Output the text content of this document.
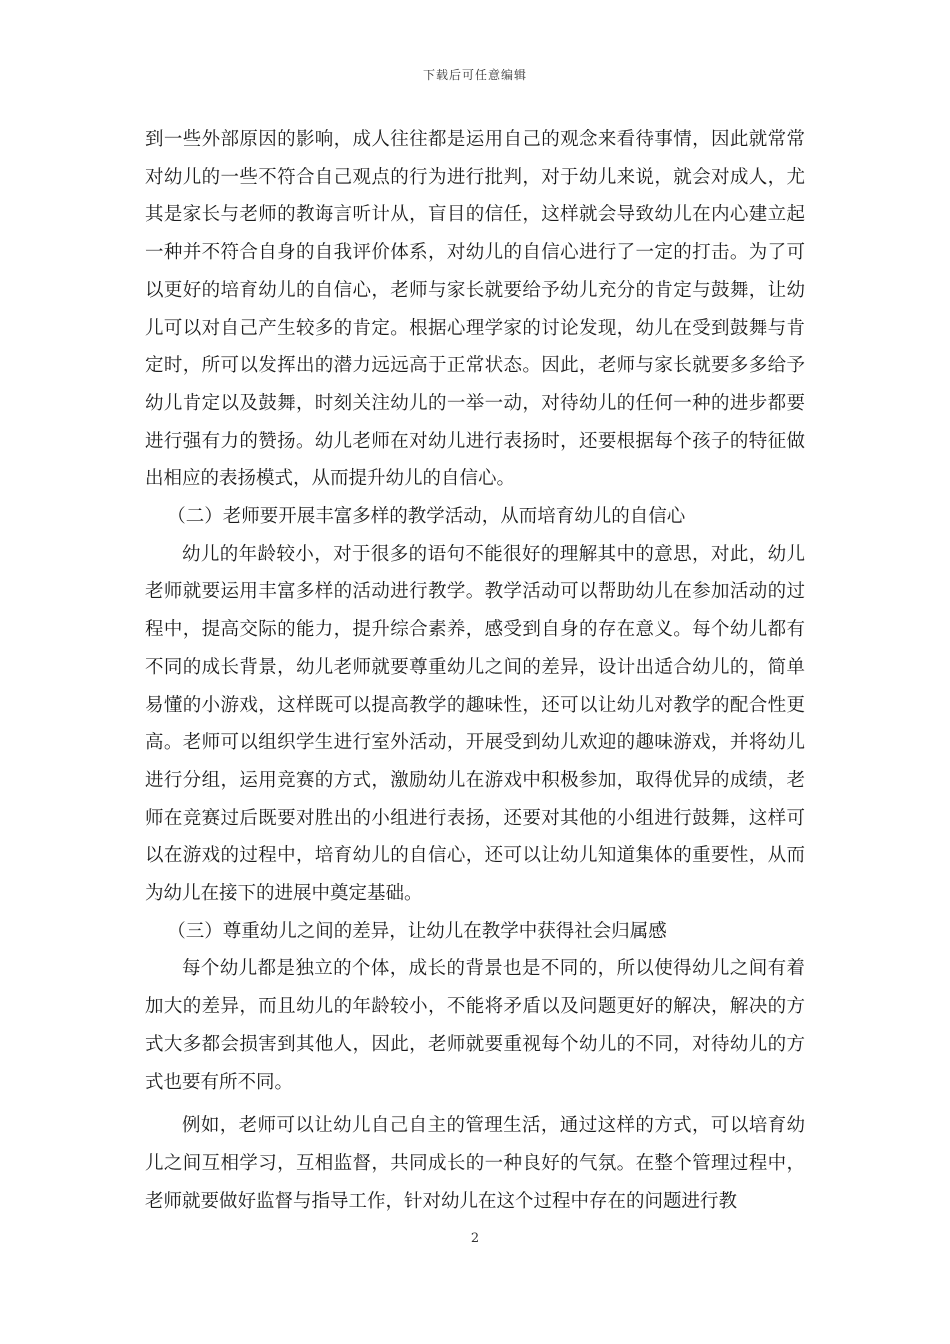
下载后可任意编辑

到一些外部原因的影响，成人往往都是运用自己的观念来看待事情，因此就常常对幼儿的一些不符合自己观点的行为进行批判，对于幼儿来说，就会对成人，尤其是家长与老师的教诲言听计从，盲目的信任，这样就会导致幼儿在内心建立起一种并不符合自身的自我评价体系，对幼儿的自信心进行了一定的打击。为了可以更好的培育幼儿的自信心，老师与家长就要给予幼儿充分的肯定与鼓舞，让幼儿可以对自己产生较多的肯定。根据心理学家的讨论发现，幼儿在受到鼓舞与肯定时，所可以发挥出的潜力远远高于正常状态。因此，老师与家长就要多多给予幼儿肯定以及鼓舞，时刻关注幼儿的一举一动，对待幼儿的任何一种的进步都要进行强有力的赞扬。幼儿老师在对幼儿进行表扬时，还要根据每个孩子的特征做出相应的表扬模式，从而提升幼儿的自信心。

（二）老师要开展丰富多样的教学活动，从而培育幼儿的自信心

幼儿的年龄较小，对于很多的语句不能很好的理解其中的意思，对此，幼儿老师就要运用丰富多样的活动进行教学。教学活动可以帮助幼儿在参加活动的过程中，提高交际的能力，提升综合素养，感受到自身的存在意义。每个幼儿都有不同的成长背景，幼儿老师就要尊重幼儿之间的差异，设计出适合幼儿的，简单易懂的小游戏，这样既可以提高教学的趣味性，还可以让幼儿对教学的配合性更高。老师可以组织学生进行室外活动，开展受到幼儿欢迎的趣味游戏，并将幼儿进行分组，运用竞赛的方式，激励幼儿在游戏中积极参加，取得优异的成绩，老师在竞赛过后既要对胜出的小组进行表扬，还要对其他的小组进行鼓舞，这样可以在游戏的过程中，培育幼儿的自信心，还可以让幼儿知道集体的重要性，从而为幼儿在接下的进展中奠定基础。

（三）尊重幼儿之间的差异，让幼儿在教学中获得社会归属感

每个幼儿都是独立的个体，成长的背景也是不同的，所以使得幼儿之间有着加大的差异，而且幼儿的年龄较小，不能将矛盾以及问题更好的解决，解决的方式大多都会损害到其他人，因此，老师就要重视每个幼儿的不同，对待幼儿的方式也要有所不同。

例如，老师可以让幼儿自己自主的管理生活，通过这样的方式，可以培育幼儿之间互相学习，互相监督，共同成长的一种良好的气氛。在整个管理过程中，老师就要做好监督与指导工作，针对幼儿在这个过程中存在的问题进行教

2
